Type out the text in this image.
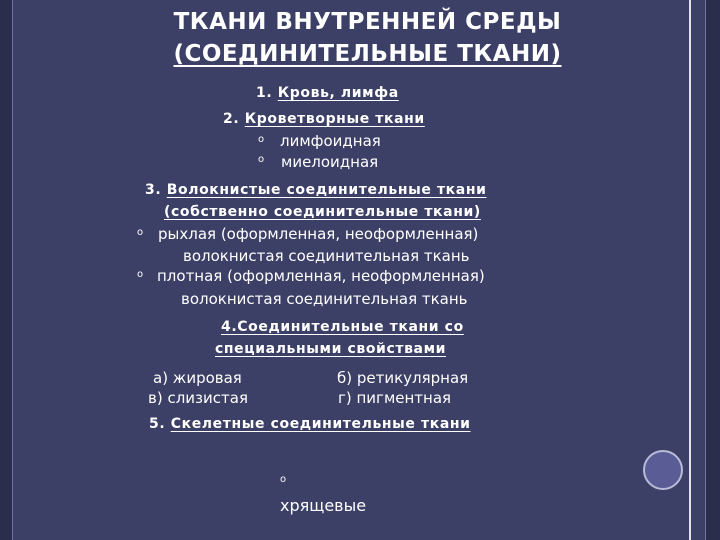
ТКАНИ ВНУТРЕННЕЙ СРЕДЫ
(СОЕДИНИТЕЛЬНЫЕ ТКАНИ)
1. Кровь, лимфа
2. Кроветворные ткани
o лимфоидная
o миелоидная
3. Волокнистые соединительные ткани
(собственно соединительные ткани)
o рыхлая (оформленная, неоформленная)
волокнистая соединительная ткань
o плотная (оформленная, неоформленная)
волокнистая соединительная ткань
4.Соединительные ткани со
специальными свойствами
а) жировая	б) ретикулярная
в) слизистая	г) пигментная
5. Скелетные соединительные ткани
o
хрящевые
